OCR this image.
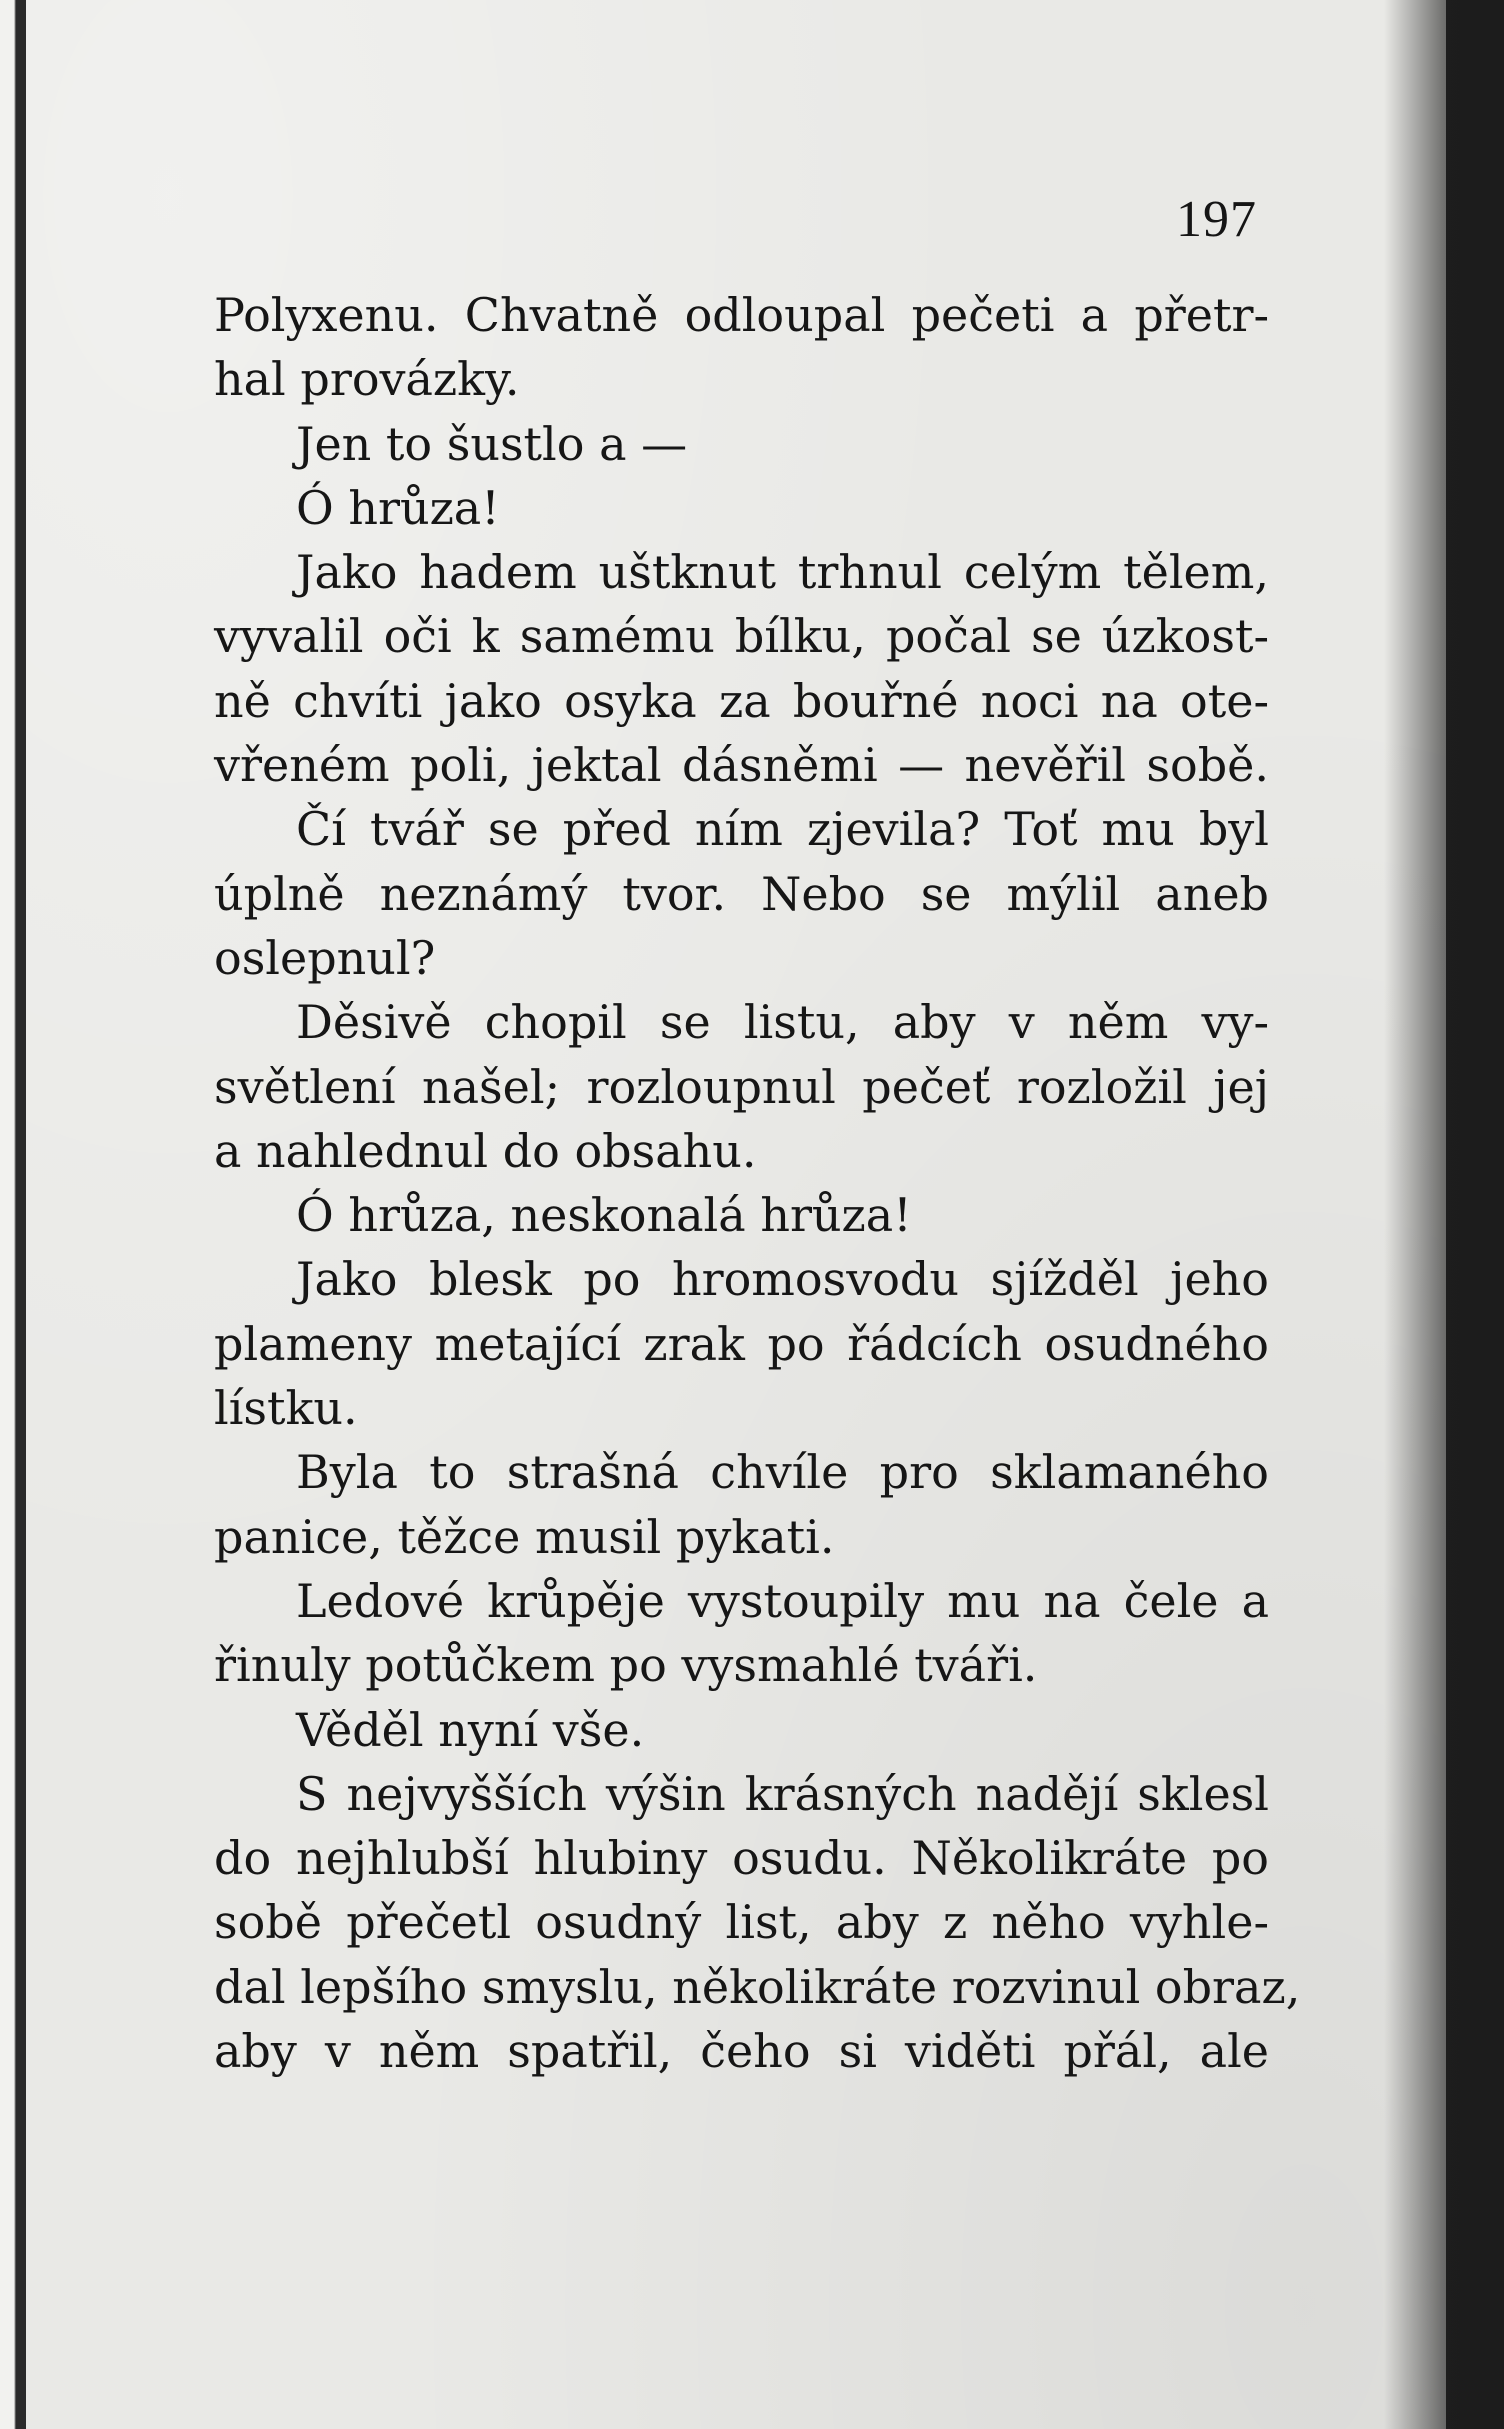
197
Polyxenu. Chvatně odloupal pečeti a přetr-
hal provázky.
Jen to šustlo a —
Ó hrůza!
Jako hadem uštknut trhnul celým tělem,
vyvalil oči k samému bílku, počal se úzkost-
ně chvíti jako osyka za bouřné noci na ote-
vřeném poli, jektal dásněmi — nevěřil sobě.
Čí tvář se před ním zjevila? Toť mu byl
úplně neznámý tvor. Nebo se mýlil aneb
oslepnul?
Děsivě chopil se listu, aby v něm vy-
světlení našel; rozloupnul pečeť rozložil jej
a nahlednul do obsahu.
Ó hrůza, neskonalá hrůza!
Jako blesk po hromosvodu sjížděl jeho
plameny metající zrak po řádcích osudného
lístku.
Byla to strašná chvíle pro sklamaného
panice, těžce musil pykati.
Ledové krůpěje vystoupily mu na čele a
řinuly potůčkem po vysmahlé tváři.
Věděl nyní vše.
S nejvyšších výšin krásných nadějí sklesl
do nejhlubší hlubiny osudu. Několikráte po
sobě přečetl osudný list, aby z něho vyhle-
dal lepšího smyslu, několikráte rozvinul obraz,
aby v něm spatřil, čeho si viděti přál, ale
